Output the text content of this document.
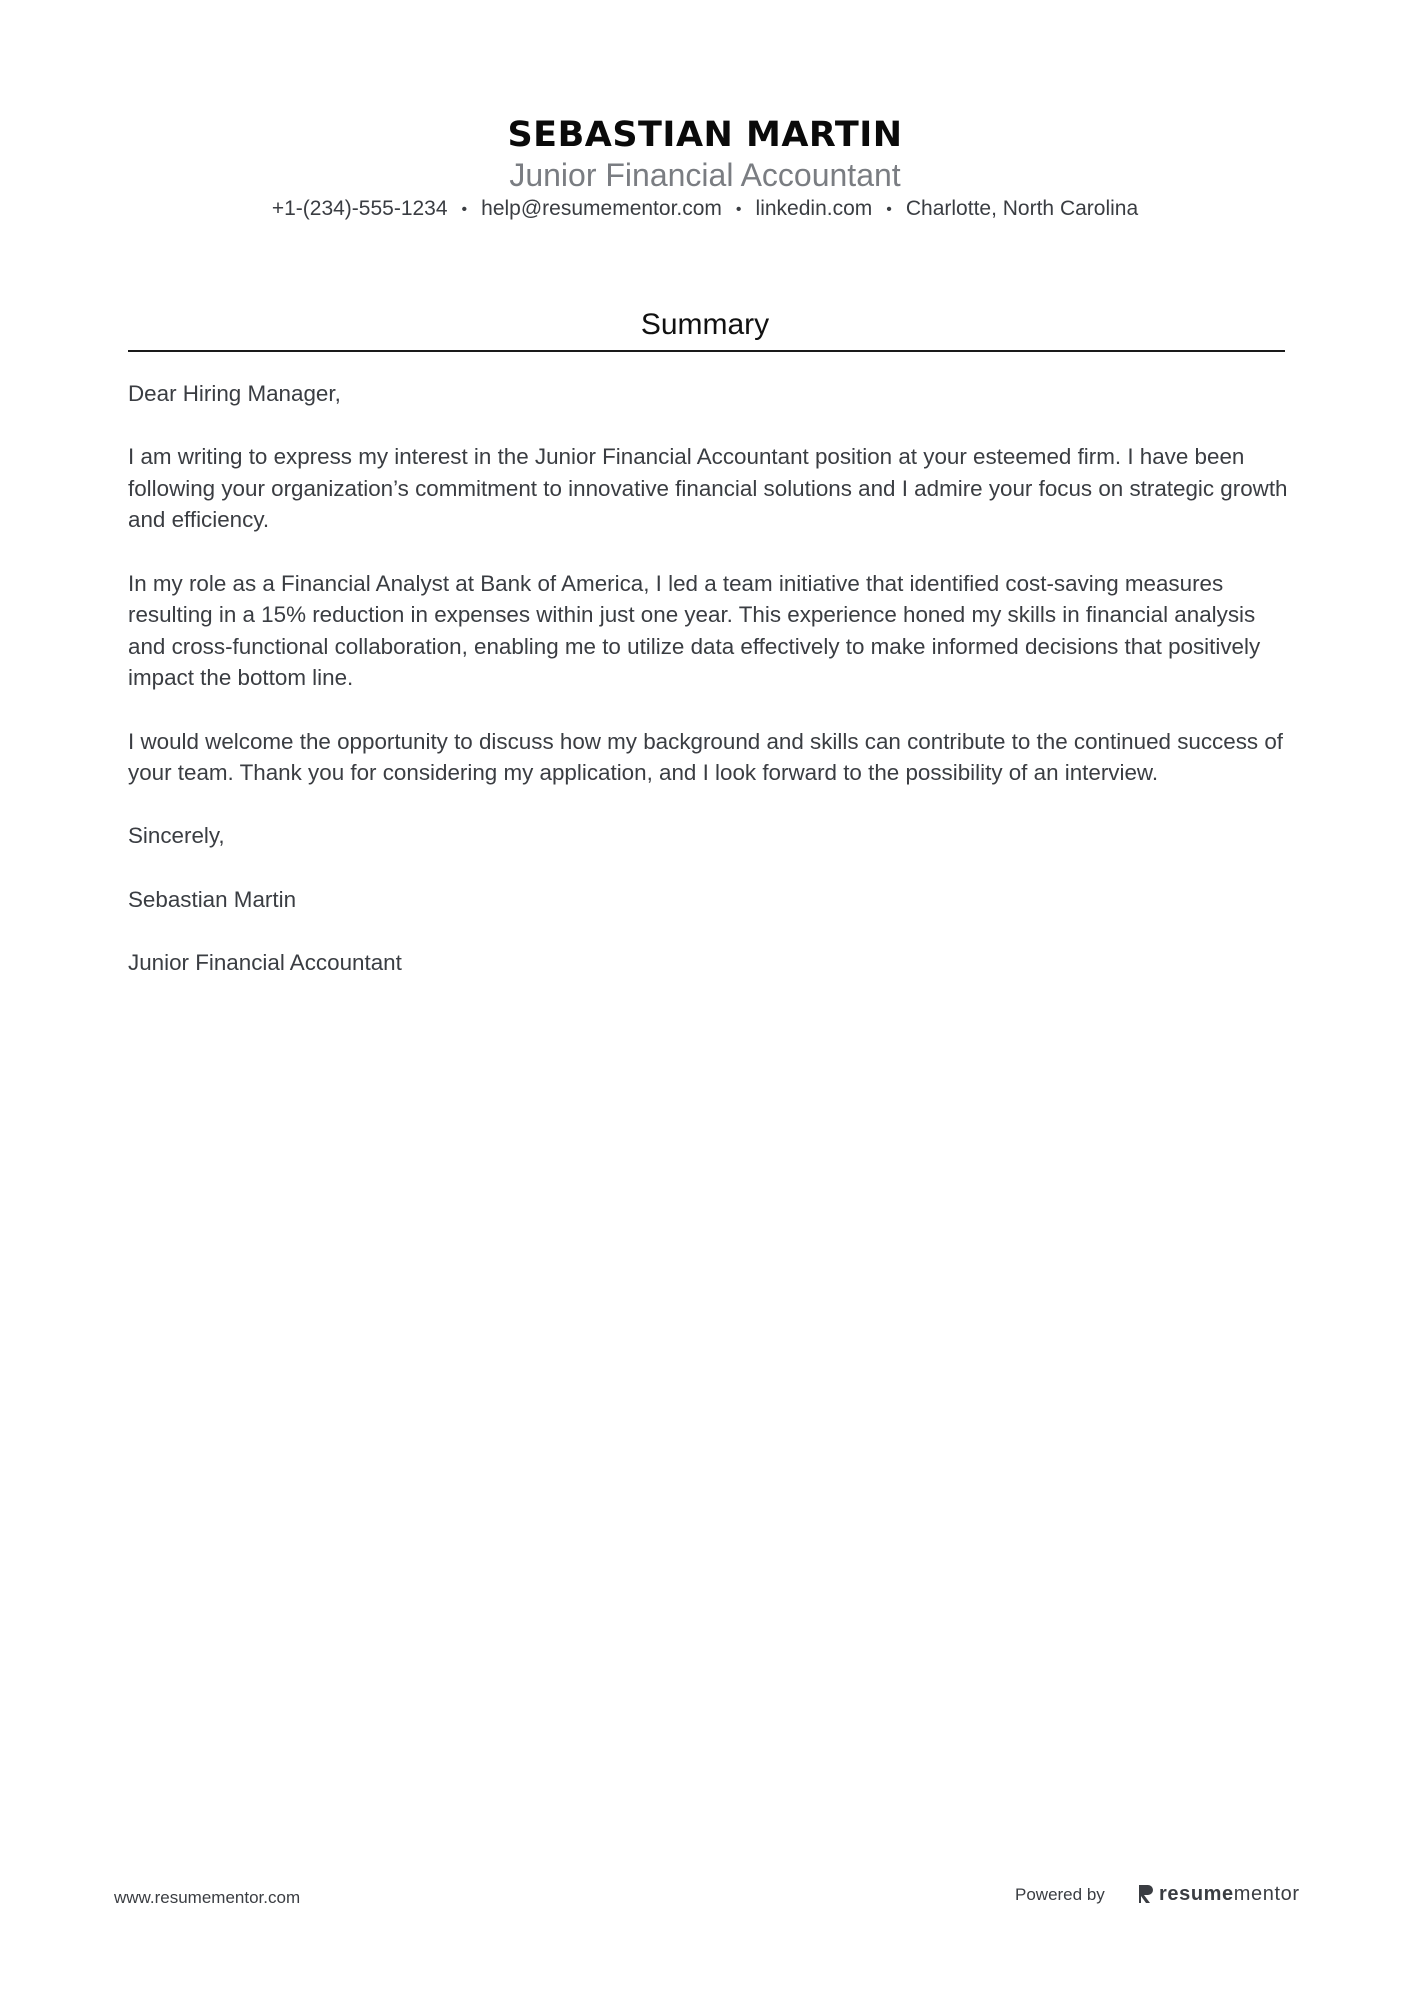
SEBASTIAN MARTIN
Junior Financial Accountant
+1-(234)-555-1234 • help@resumementor.com • linkedin.com • Charlotte, North Carolina
Summary

Dear Hiring Manager,

I am writing to express my interest in the Junior Financial Accountant position at your esteemed firm. I have been following your organization’s commitment to innovative financial solutions and I admire your focus on strategic growth and efficiency.

In my role as a Financial Analyst at Bank of America, I led a team initiative that identified cost-saving measures resulting in a 15% reduction in expenses within just one year. This experience honed my skills in financial analysis and cross-functional collaboration, enabling me to utilize data effectively to make informed decisions that positively impact the bottom line.

I would welcome the opportunity to discuss how my background and skills can contribute to the continued success of your team. Thank you for considering my application, and I look forward to the possibility of an interview.

Sincerely,

Sebastian Martin

Junior Financial Accountant

www.resumementor.com	Powered by	resumementor
